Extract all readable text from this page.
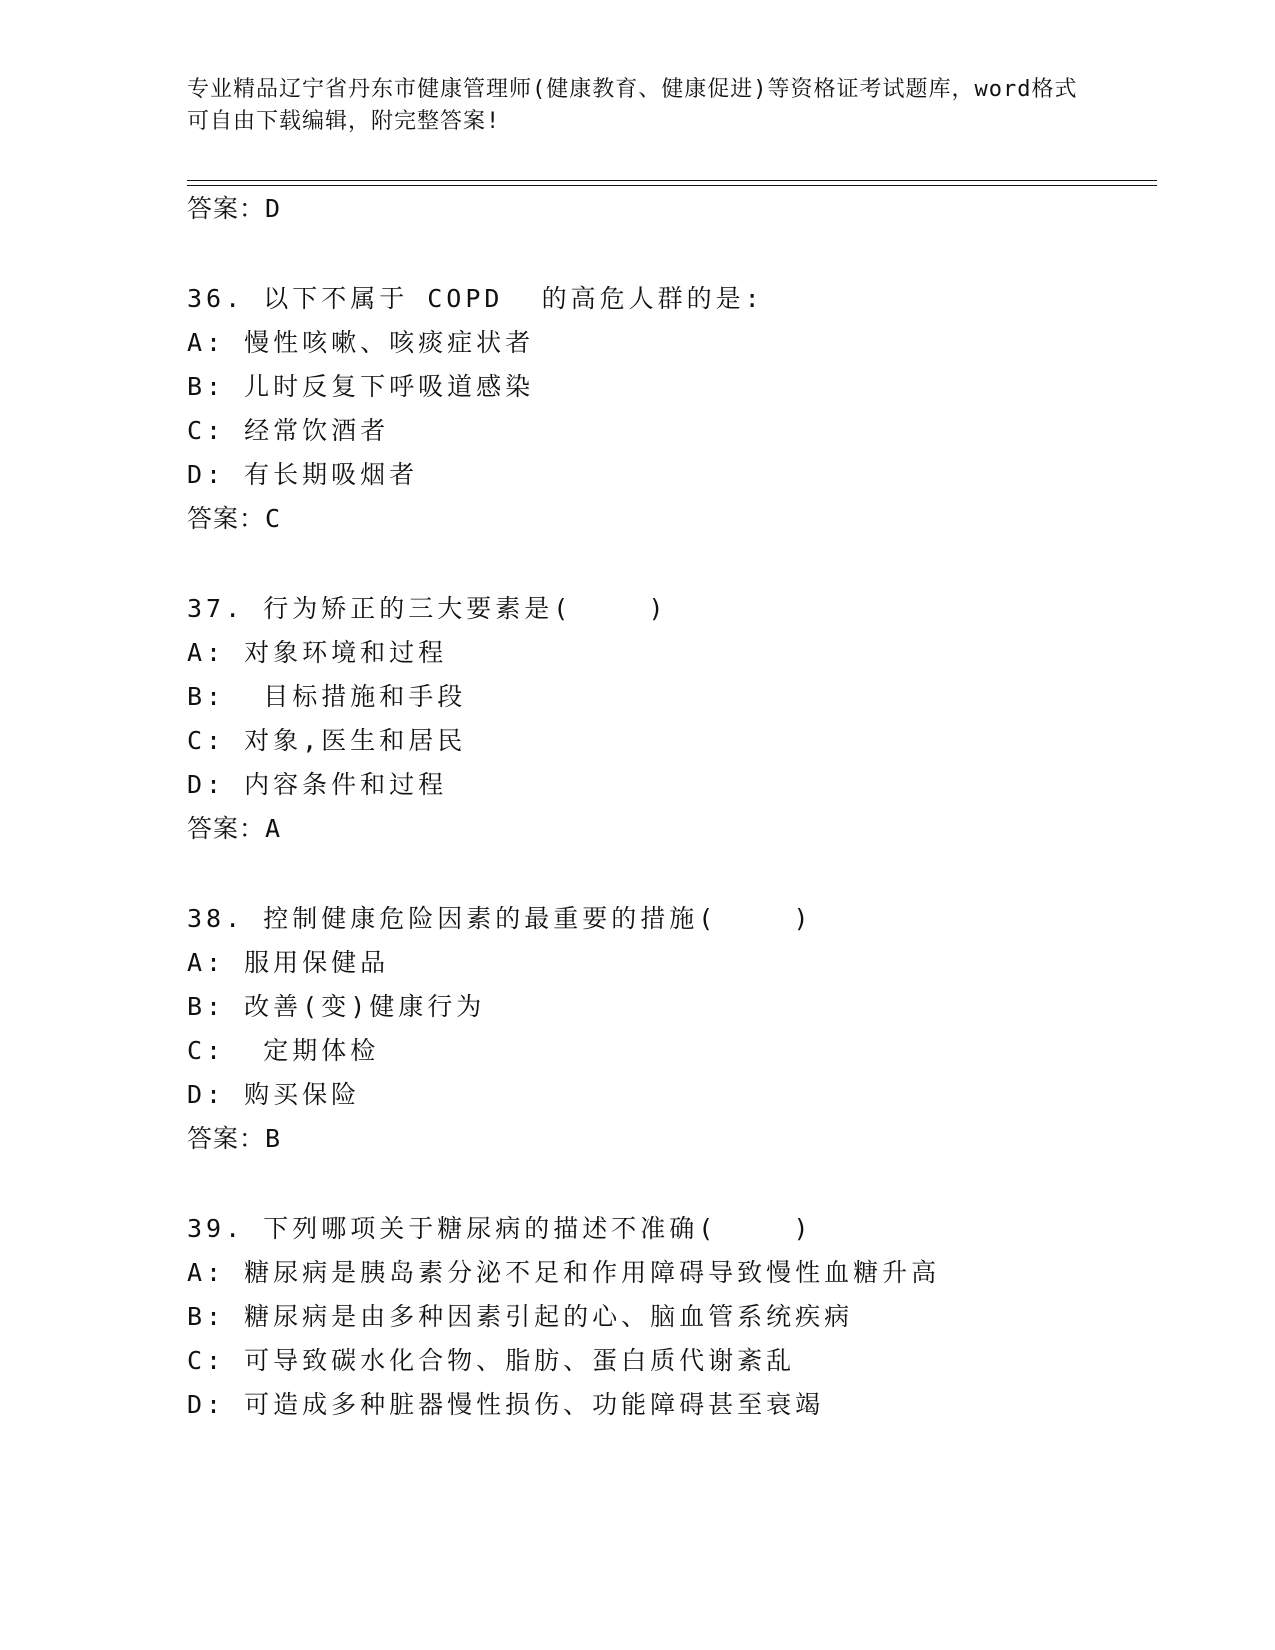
专业精品辽宁省丹东市健康管理师(健康教育、健康促进)等资格证考试题库，word格式可自由下载编辑，附完整答案!
答案：D
36. 以下不属于 COPD  的高危人群的是:
A: 慢性咳嗽、咳痰症状者
B: 儿时反复下呼吸道感染
C: 经常饮酒者
D: 有长期吸烟者
答案：C
37. 行为矫正的三大要素是(    )
A: 对象环境和过程
B:  目标措施和手段
C: 对象,医生和居民
D: 内容条件和过程
答案：A
38. 控制健康危险因素的最重要的措施(    )
A: 服用保健品
B: 改善(变)健康行为
C:  定期体检
D: 购买保险
答案：B
39. 下列哪项关于糖尿病的描述不准确(    )
A: 糖尿病是胰岛素分泌不足和作用障碍导致慢性血糖升高
B: 糖尿病是由多种因素引起的心、脑血管系统疾病
C: 可导致碳水化合物、脂肪、蛋白质代谢紊乱
D: 可造成多种脏器慢性损伤、功能障碍甚至衰竭
